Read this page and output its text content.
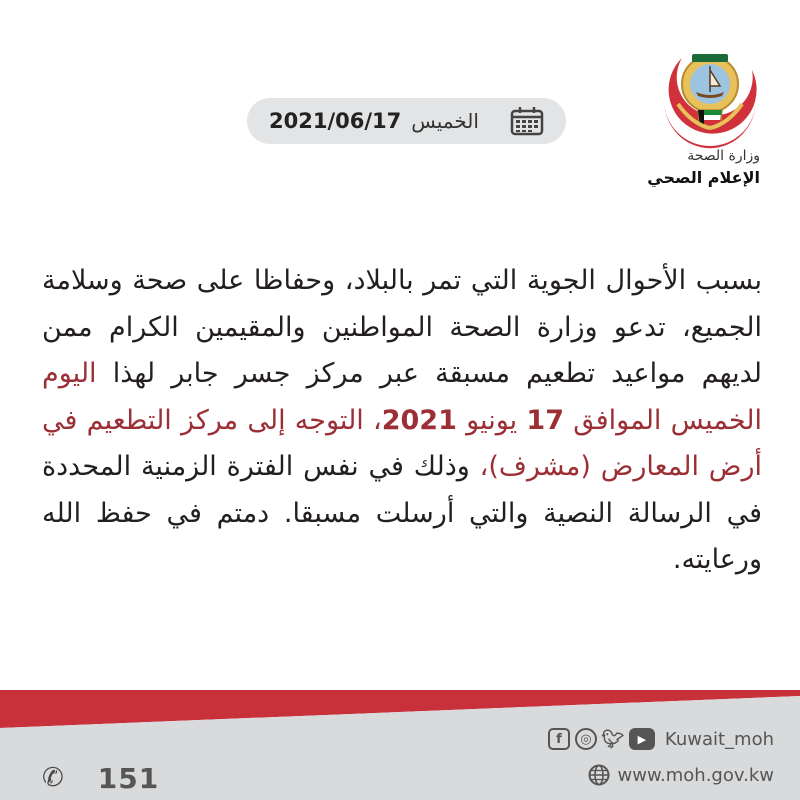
2021/06/17 الخميس
وزارة الصحة
الإعلام الصحي
بسبب الأحوال الجوية التي تمر بالبلاد، وحفاظا على صحة وسلامة الجميع، تدعو وزارة الصحة المواطنين والمقيمين الكرام ممن لديهم مواعيد تطعيم مسبقة عبر مركز جسر جابر لهذا اليوم الخميس الموافق 17 يونيو 2021، التوجه إلى مركز التطعيم في أرض المعارض (مشرف)، وذلك في نفس الفترة الزمنية المحددة في الرسالة النصية والتي أرسلت مسبقا. دمتم في حفظ الله ورعايته.
✆ 151
f	◎ 🐦︎	▶	Kuwait_moh
www.moh.gov.kw
